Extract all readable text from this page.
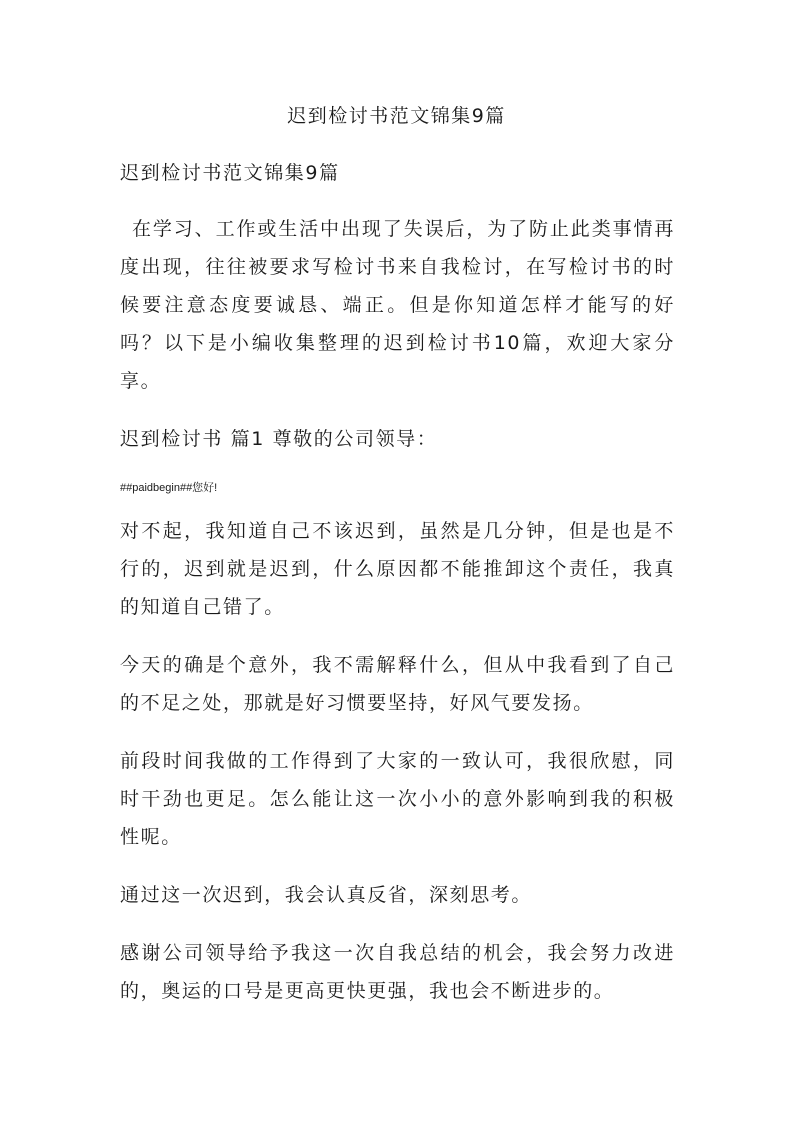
迟到检讨书范文锦集9篇

迟到检讨书范文锦集9篇

在学习、工作或生活中出现了失误后，为了防止此类事情再度出现，往往被要求写检讨书来自我检讨，在写检讨书的时候要注意态度要诚恳、端正。但是你知道怎样才能写的好吗？以下是小编收集整理的迟到检讨书10篇，欢迎大家分享。

迟到检讨书 篇1 尊敬的公司领导：

##paidbegin##您好!

对不起，我知道自己不该迟到，虽然是几分钟，但是也是不行的，迟到就是迟到，什么原因都不能推卸这个责任，我真的知道自己错了。

今天的确是个意外，我不需解释什么，但从中我看到了自己的不足之处，那就是好习惯要坚持，好风气要发扬。

前段时间我做的工作得到了大家的一致认可，我很欣慰，同时干劲也更足。怎么能让这一次小小的意外影响到我的积极性呢。

通过这一次迟到，我会认真反省，深刻思考。

感谢公司领导给予我这一次自我总结的机会，我会努力改进的，奥运的口号是更高更快更强，我也会不断进步的。
